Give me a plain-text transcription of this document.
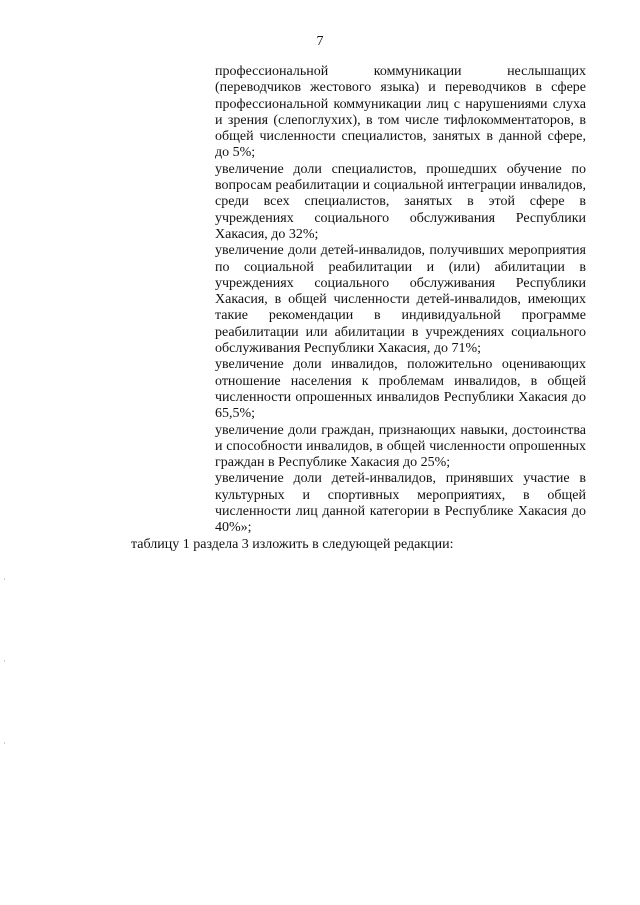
7

профессиональной коммуникации неслышащих (переводчиков жестового языка) и переводчиков в сфере профессиональной коммуникации лиц с нарушениями слуха и зрения (слепоглухих), в том числе тифлокомментаторов, в общей численности специалистов, занятых в данной сфере, до 5%;

увеличение доли специалистов, прошедших обучение по вопросам реабилитации и социальной интеграции инвалидов, среди всех специалистов, занятых в этой сфере в учреждениях социального обслуживания Республики Хакасия, до 32%;

увеличение доли детей-инвалидов, получивших мероприятия по социальной реабилитации и (или) абилитации в учреждениях социального обслуживания Республики Хакасия, в общей численности детей-инвалидов, имеющих такие рекомендации в индивидуальной программе реабилитации или абилитации в учреждениях социального обслуживания Республики Хакасия, до 71%;

увеличение доли инвалидов, положительно оценивающих отношение населения к проблемам инвалидов, в общей численности опрошенных инвалидов Республики Хакасия до 65,5%;

увеличение доли граждан, признающих навыки, достоинства и способности инвалидов, в общей численности опрошенных граждан в Республике Хакасия до 25%;

увеличение доли детей-инвалидов, принявших участие в культурных и спортивных мероприятиях, в общей численности лиц данной категории в Республике Хакасия до 40%»;

таблицу 1 раздела 3 изложить в следующей редакции:
